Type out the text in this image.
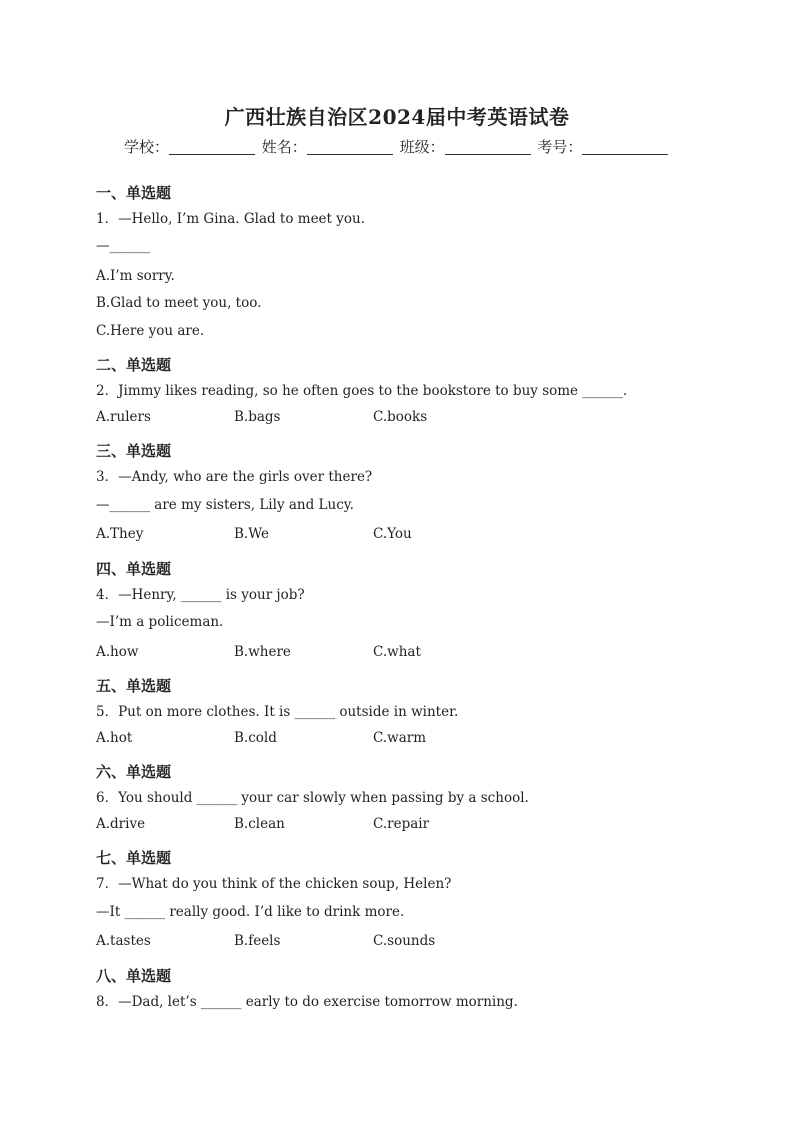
广西壮族自治区2024届中考英语试卷
学校：	姓名：	班级：	考号：
一、单选题
1．—Hello, I’m Gina. Glad to meet you.
—______
A.I’m sorry.
B.Glad to meet you, too.
C.Here you are.
二、单选题
2．Jimmy likes reading, so he often goes to the bookstore to buy some ______.
A.rulers	B.bags	C.books
三、单选题
3．—Andy, who are the girls over there?
—______ are my sisters, Lily and Lucy.
A.They	B.We	C.You
四、单选题
4．—Henry, ______ is your job?
—I’m a policeman.
A.how	B.where	C.what
五、单选题
5．Put on more clothes. It is ______ outside in winter.
A.hot	B.cold	C.warm
六、单选题
6．You should ______ your car slowly when passing by a school.
A.drive	B.clean	C.repair
七、单选题
7．—What do you think of the chicken soup, Helen?
—It ______ really good. I’d like to drink more.
A.tastes	B.feels	C.sounds
八、单选题
8．—Dad, let’s ______ early to do exercise tomorrow morning.
